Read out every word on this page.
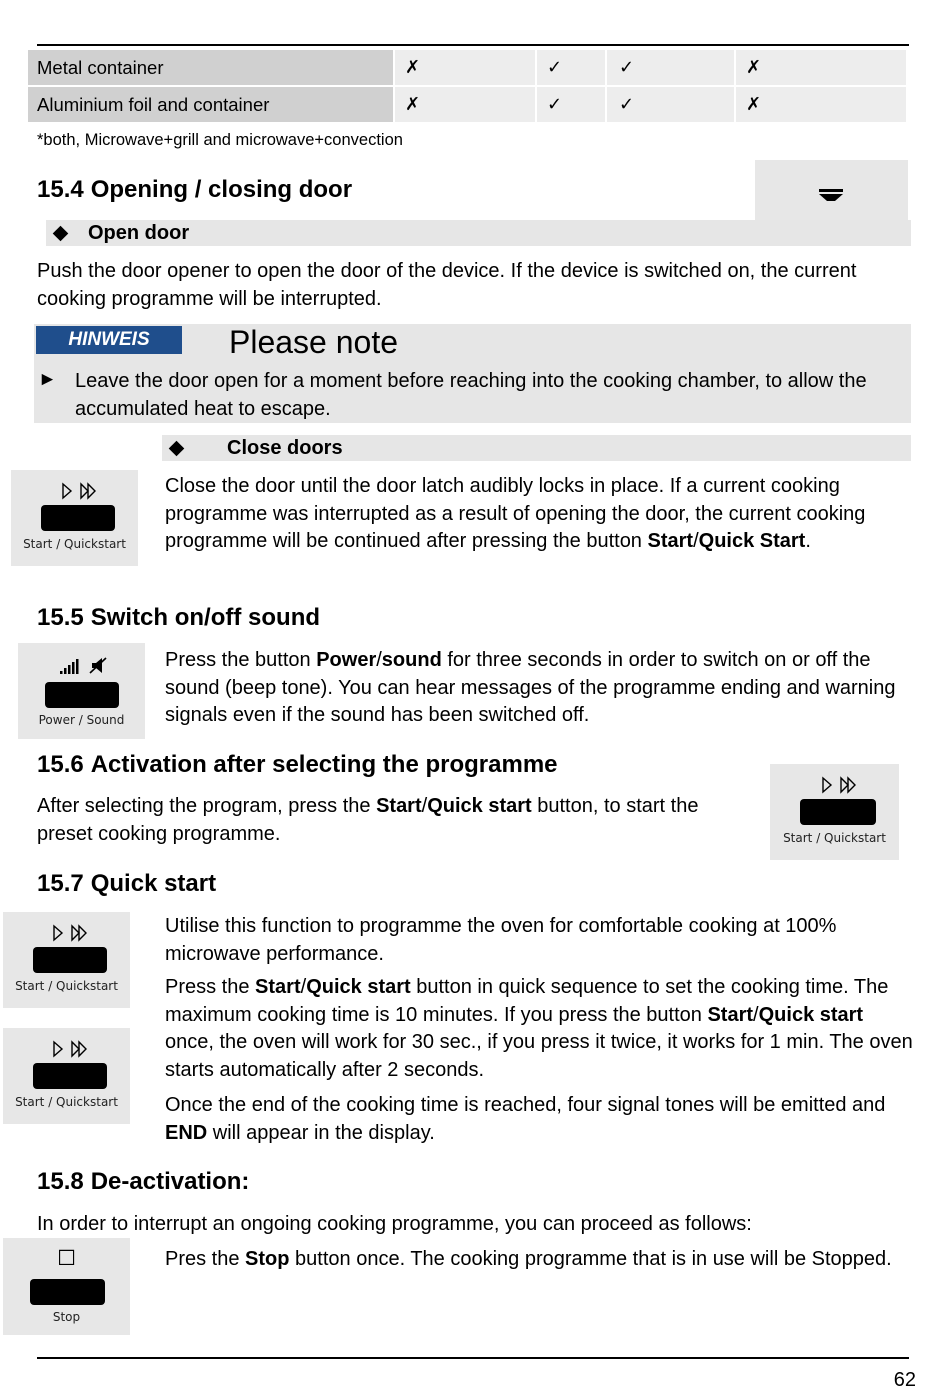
Metal container	✗	✓	✓	✗
Aluminium foil and container	✗	✓	✓	✗
*both, Microwave+grill and microwave+convection
15.4 Opening / closing door
Open door
Push the door opener to open the door of the device. If the device is switched on, the current cooking programme will be interrupted.
HINWEIS	Please note
► Leave the door open for a moment before reaching into the cooking chamber, to allow the accumulated heat to escape.
Close doors
Start / Quickstart
Close the door until the door latch audibly locks in place. If a current cooking programme was interrupted as a result of opening the door, the current cooking programme will be continued after pressing the button Start/Quick Start.
15.5 Switch on/off sound
Power / Sound
Press the button Power/sound for three seconds in order to switch on or off the sound (beep tone). You can hear messages of the programme ending and warning signals even if the sound has been switched off.
15.6 Activation after selecting the programme
After selecting the program, press the Start/Quick start button, to start the preset cooking programme.	Start / Quickstart
15.7 Quick start
Start / Quickstart
Start / Quickstart
Utilise this function to programme the oven for comfortable cooking at 100% microwave performance.
Press the Start/Quick start button in quick sequence to set the cooking time. The maximum cooking time is 10 minutes. If you press the button Start/Quick start once, the oven will work for 30 sec., if you press it twice, it works for 1 min. The oven starts automatically after 2 seconds.
Once the end of the cooking time is reached, four signal tones will be emitted and END will appear in the display.
15.8 De-activation:
In order to interrupt an ongoing cooking programme, you can proceed as follows:
☐
Stop
Pres the Stop button once. The cooking programme that is in use will be Stopped.
62
